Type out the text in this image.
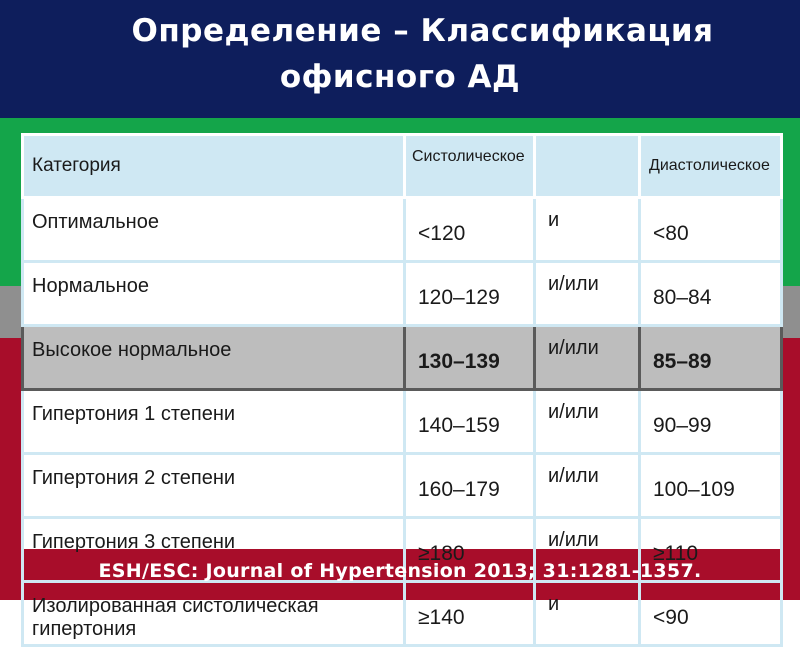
Определение – Классификация
офисного АД
Категория	Систолическое		Диастолическое
Оптимальное	<120	и	<80
Нормальное	120–129	и/или	80–84
Высокое нормальное	130–139	и/или	85–89
Гипертония 1 степени	140–159	и/или	90–99
Гипертония 2 степени	160–179	и/или	100–109
Гипертония 3 степени	≥180	и/или	≥110
Изолированная систолическая гипертония	≥140	и	<90
ESH/ESC: Journal of Hypertension 2013; 31:1281-1357.
